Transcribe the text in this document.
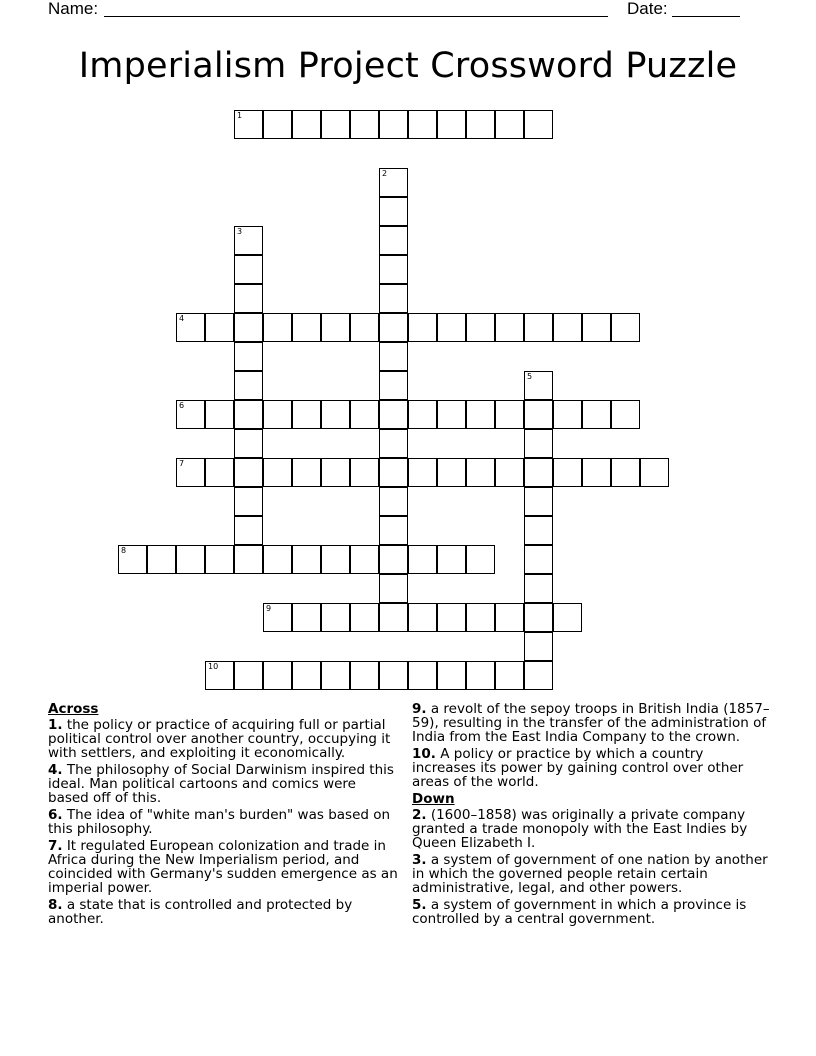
Name:	Date:
Imperialism Project Crossword Puzzle
1
2
3
4
5
6
7
8
9
10
Across
1. the policy or practice of acquiring full or partial political control over another country, occupying it with settlers, and exploiting it economically.
4. The philosophy of Social Darwinism inspired this ideal. Man political cartoons and comics were based off of this.
6. The idea of "white man's burden" was based on this philosophy.
7. It regulated European colonization and trade in Africa during the New Imperialism period, and coincided with Germany's sudden emergence as an imperial power.
8. a state that is controlled and protected by another.
9. a revolt of the sepoy troops in British India (1857–59), resulting in the transfer of the administration of India from the East India Company to the crown.
10. A policy or practice by which a country increases its power by gaining control over other areas of the world.
Down
2. (1600–1858) was originally a private company granted a trade monopoly with the East Indies by Queen Elizabeth I.
3. a system of government of one nation by another in which the governed people retain certain administrative, legal, and other powers.
5. a system of government in which a province is controlled by a central government.
